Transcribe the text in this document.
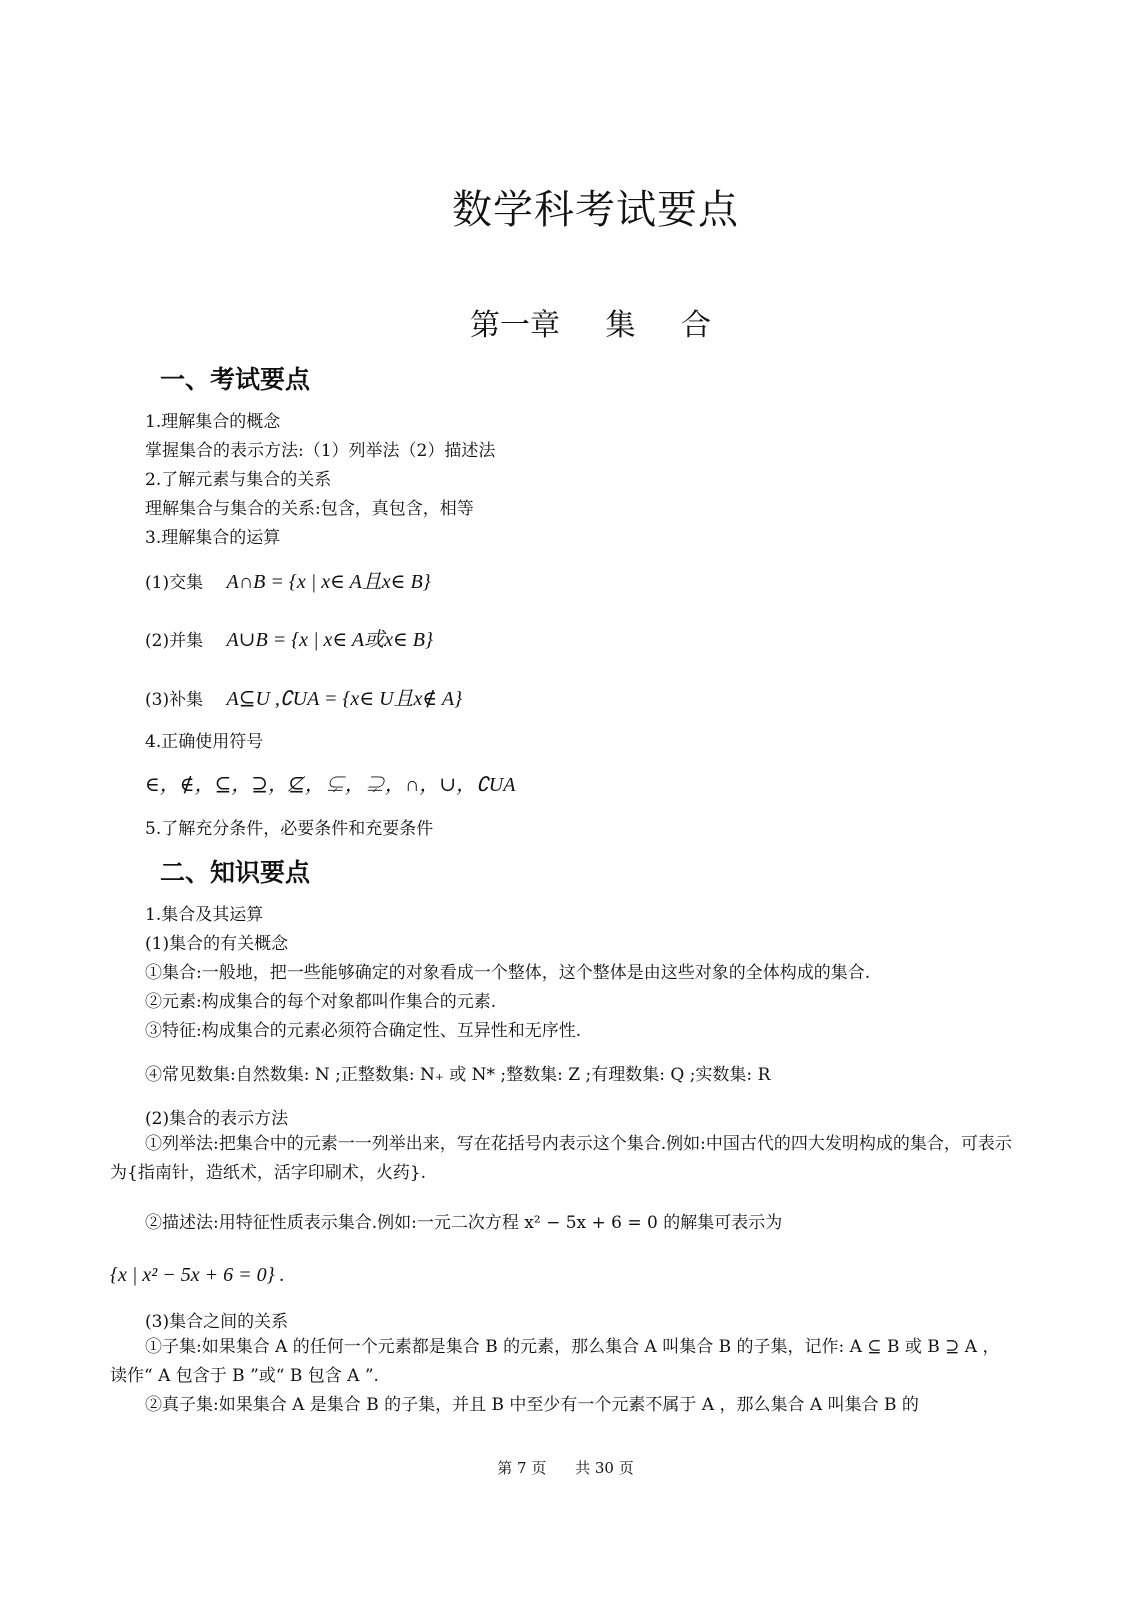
数学科考试要点
第一章 集 合
一、考试要点
1.理解集合的概念
掌握集合的表示方法:（1）列举法（2）描述法
2.了解元素与集合的关系
理解集合与集合的关系:包含，真包含，相等
3.理解集合的运算
(1)交集 A∩B = {x | x∈ A且x∈ B}
(2)并集 A∪B = {x | x∈ A或x∈ B}
(3)补集 A⊆U ,∁UA = {x∈ U且x∉ A}
4.正确使用符号
∈，∉，⊆，⊇，⊈，⊊，⊋，∩，∪，∁UA
5.了解充分条件，必要条件和充要条件
二、知识要点
1.集合及其运算
(1)集合的有关概念
①集合:一般地，把一些能够确定的对象看成一个整体，这个整体是由这些对象的全体构成的集合.
②元素:构成集合的每个对象都叫作集合的元素.
③特征:构成集合的元素必须符合确定性、互异性和无序性.
④常见数集:自然数集: N ;正整数集: N₊ 或 N* ;整数集: Z ;有理数集: Q ;实数集: R
(2)集合的表示方法
①列举法:把集合中的元素一一列举出来，写在花括号内表示这个集合.例如:中国古代的四大发明构成的集合，可表示为{指南针，造纸术，活字印刷术，火药}.
②描述法:用特征性质表示集合.例如:一元二次方程 x² − 5x + 6 = 0 的解集可表示为
{x | x² − 5x + 6 = 0} .
(3)集合之间的关系
①子集:如果集合 A 的任何一个元素都是集合 B 的元素，那么集合 A 叫集合 B 的子集，记作: A ⊆ B 或 B ⊇ A ，读作“ A 包含于 B ”或“ B 包含 A ”.
②真子集:如果集合 A 是集合 B 的子集，并且 B 中至少有一个元素不属于 A ，那么集合 A 叫集合 B 的
第 7 页 共 30 页
